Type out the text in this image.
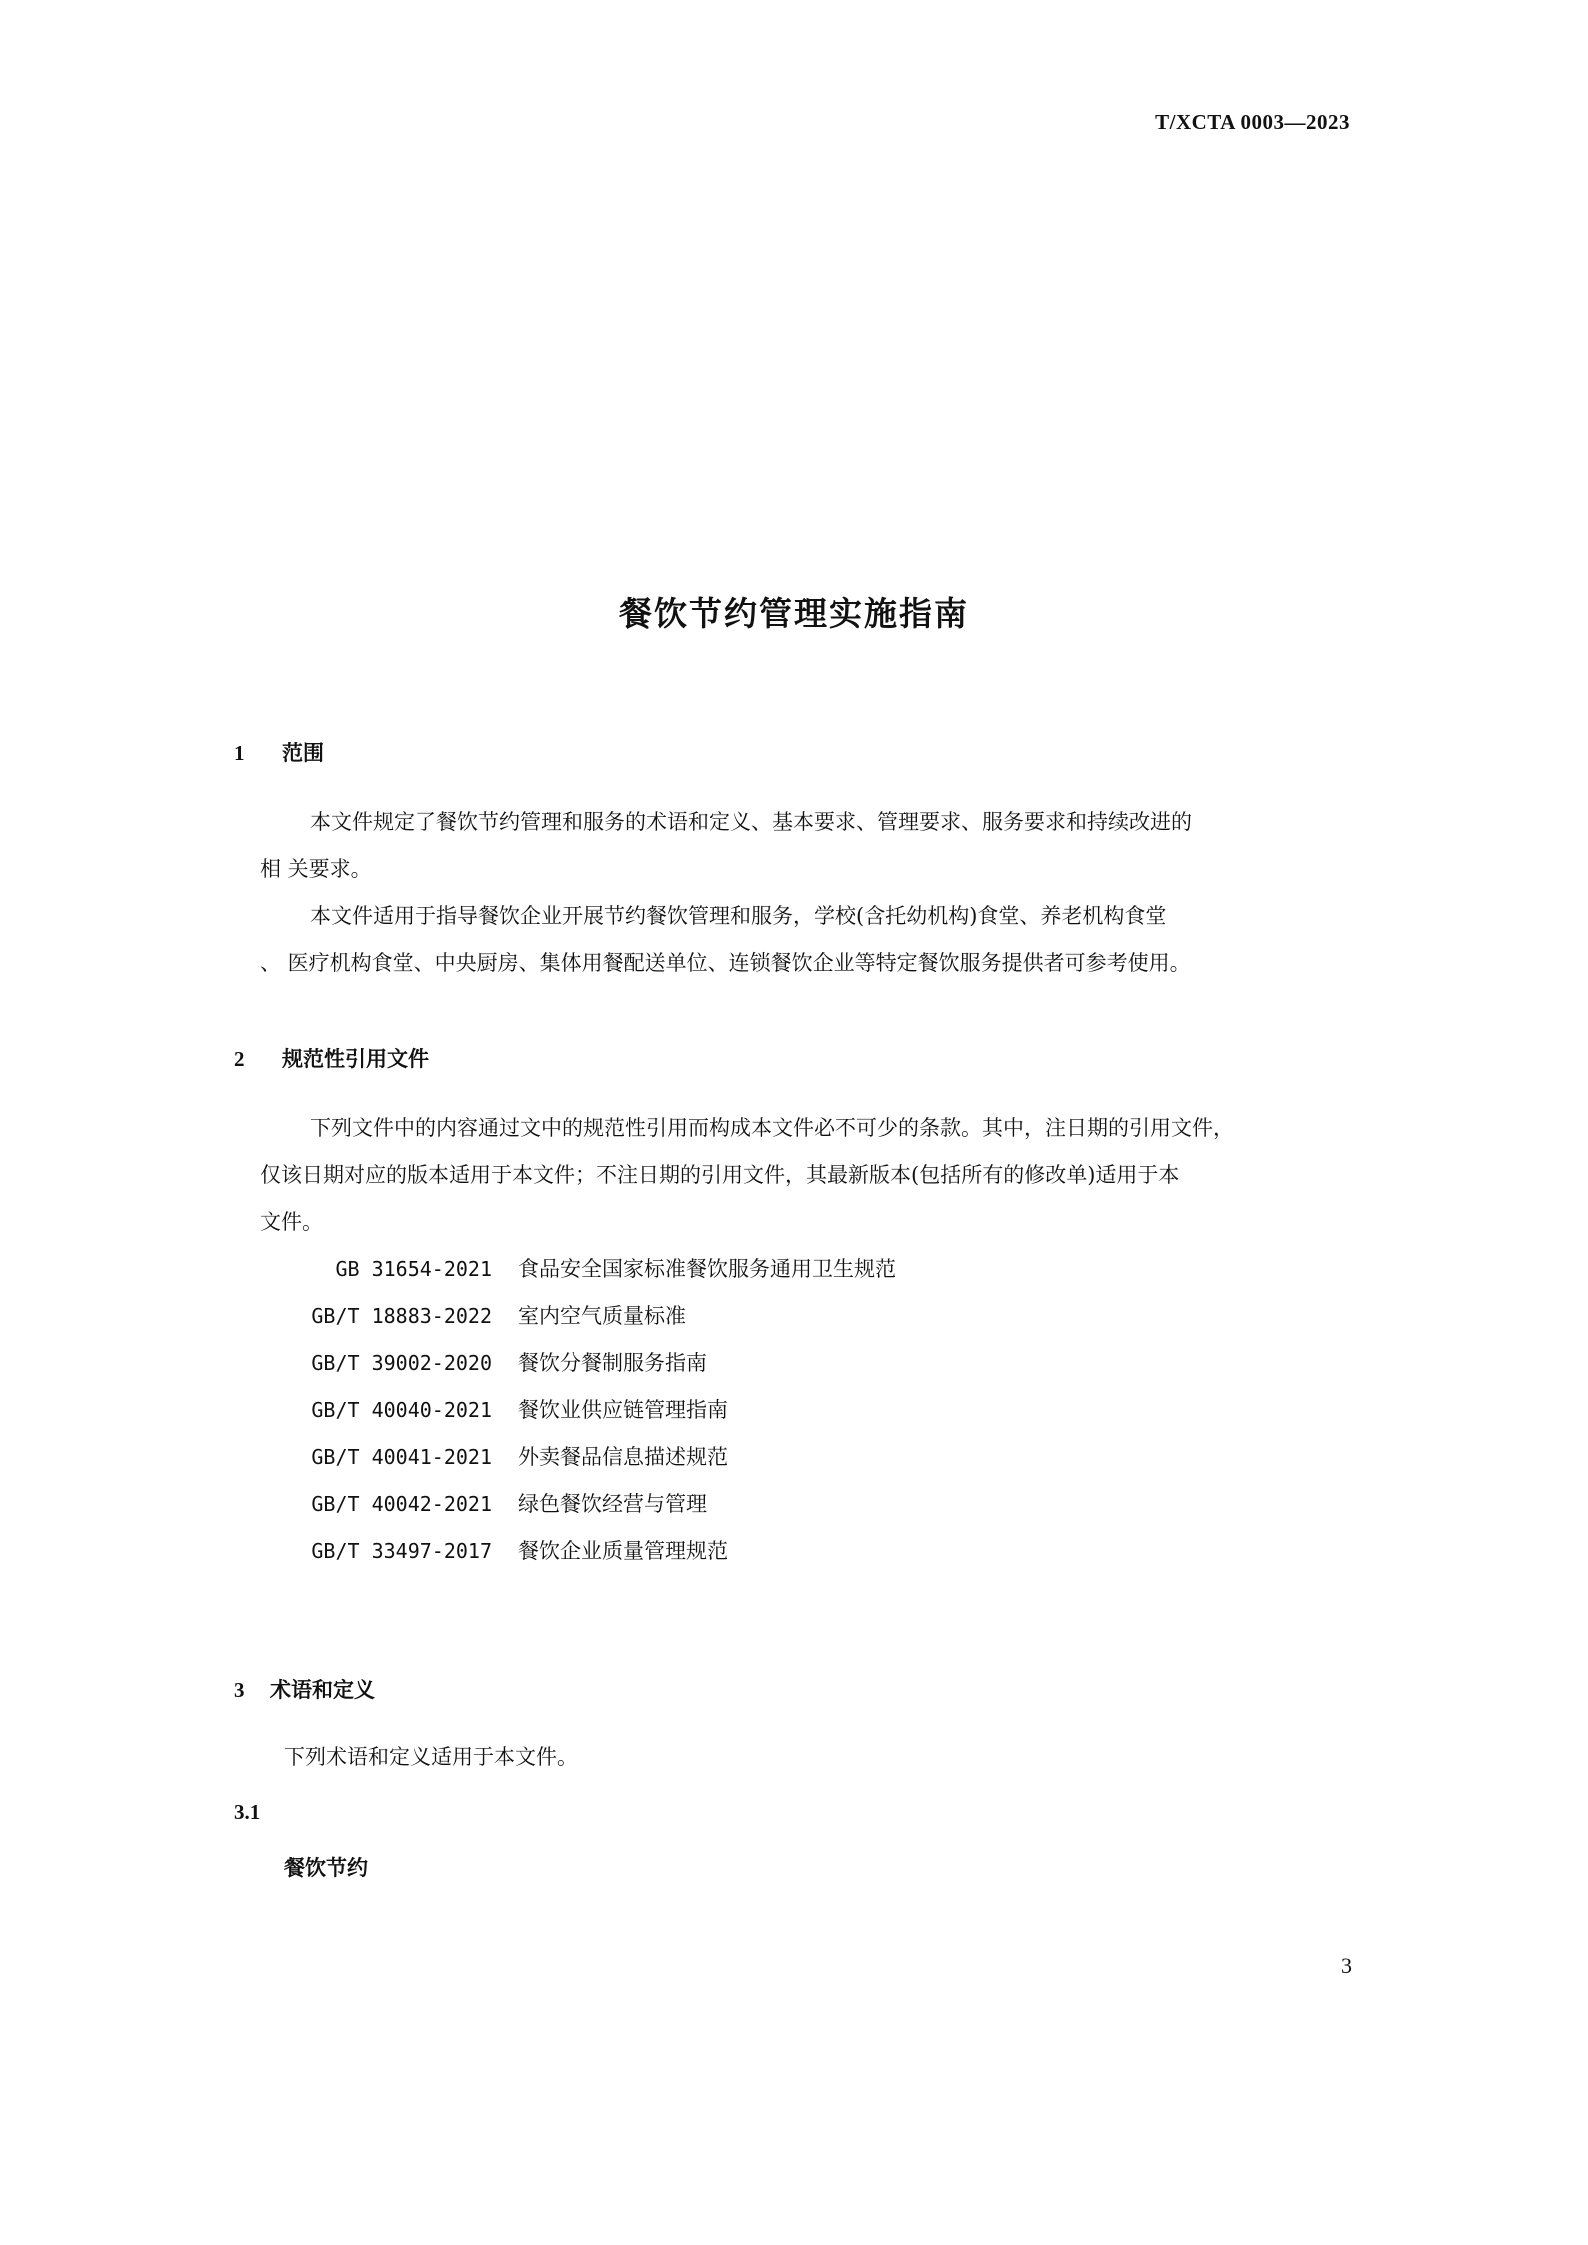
T/XCTA 0003—2023
餐饮节约管理实施指南
1 范围
本文件规定了餐饮节约管理和服务的术语和定义、基本要求、管理要求、服务要求和持续改进的
相 关要求。
本文件适用于指导餐饮企业开展节约餐饮管理和服务，学校(含托幼机构)食堂、养老机构食堂
、 医疗机构食堂、中央厨房、集体用餐配送单位、连锁餐饮企业等特定餐饮服务提供者可参考使用。
2 规范性引用文件
下列文件中的内容通过文中的规范性引用而构成本文件必不可少的条款。其中，注日期的引用文件，
仅该日期对应的版本适用于本文件；不注日期的引用文件，其最新版本(包括所有的修改单)适用于本
文件。
GB 31654-2021 食品安全国家标准餐饮服务通用卫生规范
GB/T 18883-2022 室内空气质量标准
GB/T 39002-2020 餐饮分餐制服务指南
GB/T 40040-2021 餐饮业供应链管理指南
GB/T 40041-2021 外卖餐品信息描述规范
GB/T 40042-2021 绿色餐饮经营与管理
GB/T 33497-2017 餐饮企业质量管理规范
3 术语和定义
下列术语和定义适用于本文件。
3.1
餐饮节约
3
